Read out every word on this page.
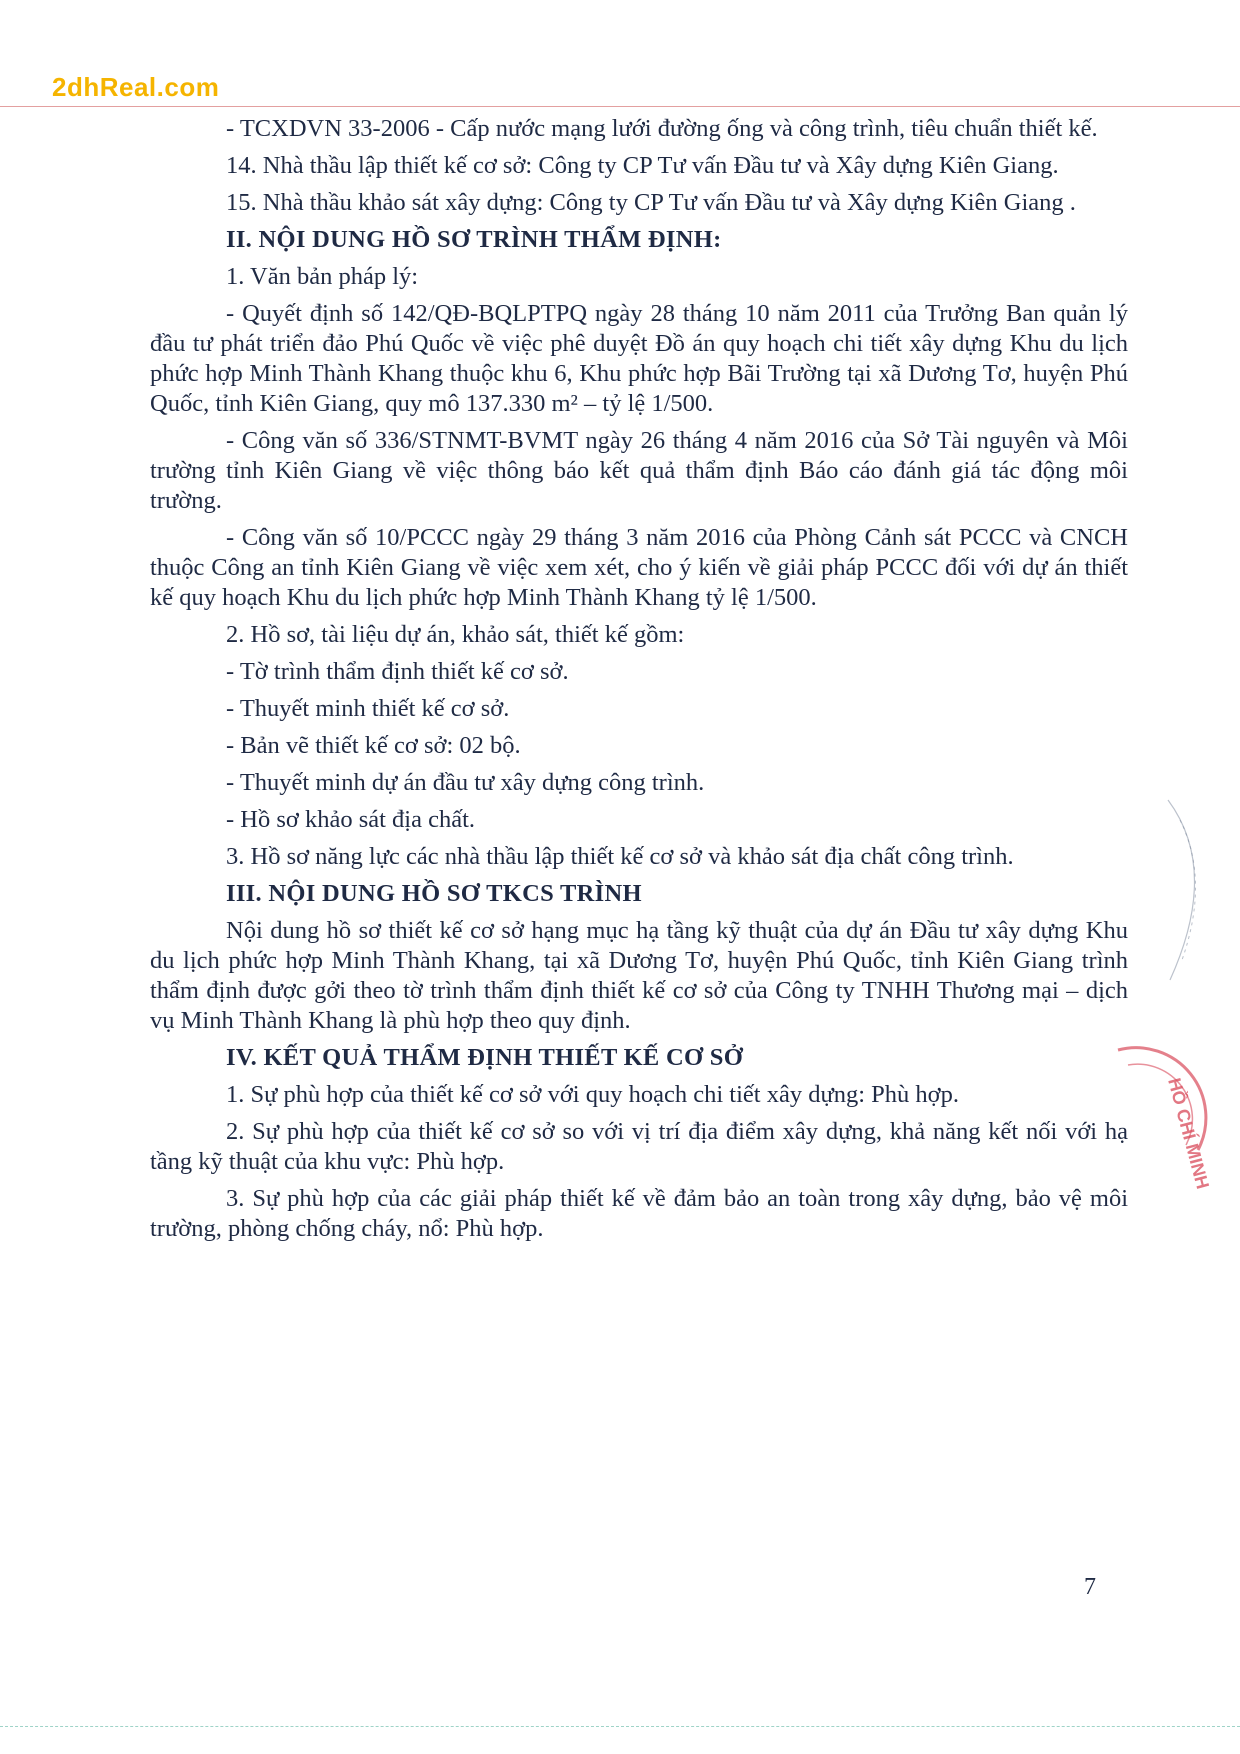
2dhReal.com

- TCXDVN 33-2006 - Cấp nước mạng lưới đường ống và công trình, tiêu chuẩn thiết kế.

14. Nhà thầu lập thiết kế cơ sở: Công ty CP Tư vấn Đầu tư và Xây dựng Kiên Giang.

15. Nhà thầu khảo sát xây dựng: Công ty CP Tư vấn Đầu tư và Xây dựng Kiên Giang .

II. NỘI DUNG HỒ SƠ TRÌNH THẨM ĐỊNH:

1. Văn bản pháp lý:

- Quyết định số 142/QĐ-BQLPTPQ ngày 28 tháng 10 năm 2011 của Trưởng Ban quản lý đầu tư phát triển đảo Phú Quốc về việc phê duyệt Đồ án quy hoạch chi tiết xây dựng Khu du lịch phức hợp Minh Thành Khang thuộc khu 6, Khu phức hợp Bãi Trường tại xã Dương Tơ, huyện Phú Quốc, tỉnh Kiên Giang, quy mô 137.330 m² – tỷ lệ 1/500.

- Công văn số 336/STNMT-BVMT ngày 26 tháng 4 năm 2016 của Sở Tài nguyên và Môi trường tỉnh Kiên Giang về việc thông báo kết quả thẩm định Báo cáo đánh giá tác động môi trường.

- Công văn số 10/PCCC ngày 29 tháng 3 năm 2016 của Phòng Cảnh sát PCCC và CNCH thuộc Công an tỉnh Kiên Giang về việc xem xét, cho ý kiến về giải pháp PCCC đối với dự án thiết kế quy hoạch Khu du lịch phức hợp Minh Thành Khang tỷ lệ 1/500.

2. Hồ sơ, tài liệu dự án, khảo sát, thiết kế gồm:

- Tờ trình thẩm định thiết kế cơ sở.

- Thuyết minh thiết kế cơ sở.

- Bản vẽ thiết kế cơ sở: 02 bộ.

- Thuyết minh dự án đầu tư xây dựng công trình.

- Hồ sơ khảo sát địa chất.

3. Hồ sơ năng lực các nhà thầu lập thiết kế cơ sở và khảo sát địa chất công trình.

III. NỘI DUNG HỒ SƠ TKCS TRÌNH

Nội dung hồ sơ thiết kế cơ sở hạng mục hạ tầng kỹ thuật của dự án Đầu tư xây dựng Khu du lịch phức hợp Minh Thành Khang, tại xã Dương Tơ, huyện Phú Quốc, tỉnh Kiên Giang trình thẩm định được gởi theo tờ trình thẩm định thiết kế cơ sở của Công ty TNHH Thương mại – dịch vụ Minh Thành Khang là phù hợp theo quy định.

IV. KẾT QUẢ THẨM ĐỊNH THIẾT KẾ CƠ SỞ

1. Sự phù hợp của thiết kế cơ sở với quy hoạch chi tiết xây dựng: Phù hợp.

2. Sự phù hợp của thiết kế cơ sở so với vị trí địa điểm xây dựng, khả năng kết nối với hạ tầng kỹ thuật của khu vực: Phù hợp.

3. Sự phù hợp của các giải pháp thiết kế về đảm bảo an toàn trong xây dựng, bảo vệ môi trường, phòng chống cháy, nổ: Phù hợp.

7
HỒ CHÍ MINH
